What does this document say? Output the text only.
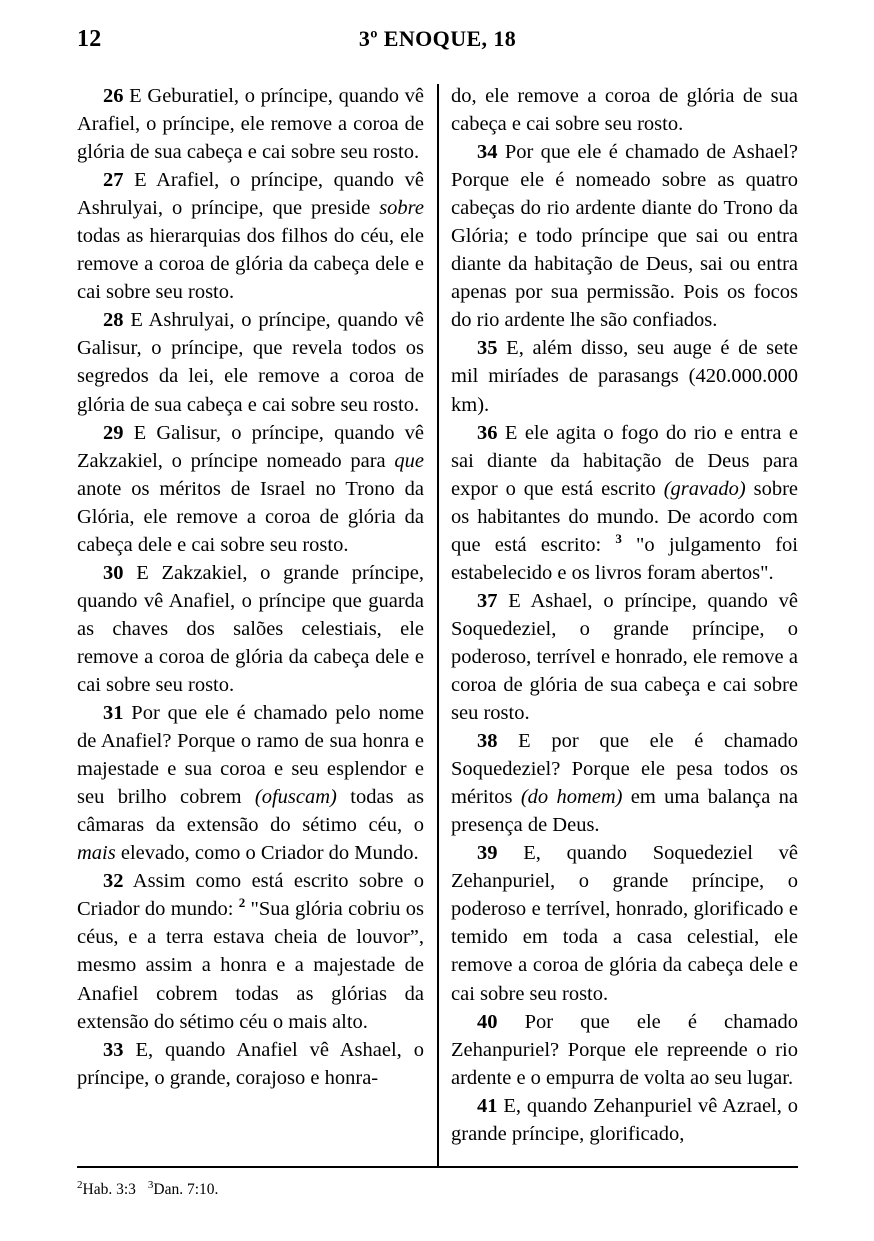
12	3º ENOQUE, 18

26 E Geburatiel, o príncipe, quando vê Arafiel, o príncipe, ele remove a coroa de glória de sua cabeça e cai sobre seu rosto.

27 E Arafiel, o príncipe, quando vê Ashrulyai, o príncipe, que preside sobre todas as hierarquias dos filhos do céu, ele remove a coroa de glória da cabeça dele e cai sobre seu rosto.

28 E Ashrulyai, o príncipe, quando vê Galisur, o príncipe, que revela todos os segredos da lei, ele remove a coroa de glória de sua cabeça e cai sobre seu rosto.

29 E Galisur, o príncipe, quando vê Zakzakiel, o príncipe nomeado para que anote os méritos de Israel no Trono da Glória, ele remove a coroa de glória da cabeça dele e cai sobre seu rosto.

30 E Zakzakiel, o grande príncipe, quando vê Anafiel, o príncipe que guarda as chaves dos salões celestiais, ele remove a coroa de glória da cabeça dele e cai sobre seu rosto.

31 Por que ele é chamado pelo nome de Anafiel? Porque o ramo de sua honra e majestade e sua coroa e seu esplendor e seu brilho cobrem (ofuscam) todas as câmaras da extensão do sétimo céu, o mais elevado, como o Criador do Mundo.

32 Assim como está escrito sobre o Criador do mundo: $^2$ "Sua glória cobriu os céus, e a terra estava cheia de louvor”, mesmo assim a honra e a majestade de Anafiel cobrem todas as glórias da extensão do sétimo céu o mais alto.

33 E, quando Anafiel vê Ashael, o príncipe, o grande, corajoso e honra-

do, ele remove a coroa de glória de sua cabeça e cai sobre seu rosto.

34 Por que ele é chamado de Ashael? Porque ele é nomeado sobre as quatro cabeças do rio ardente diante do Trono da Glória; e todo príncipe que sai ou entra diante da habitação de Deus, sai ou entra apenas por sua permissão. Pois os focos do rio ardente lhe são confiados.

35 E, além disso, seu auge é de sete mil miríades de parasangs (420.000.000 km).

36 E ele agita o fogo do rio e entra e sai diante da habitação de Deus para expor o que está escrito (gravado) sobre os habitantes do mundo. De acordo com que está escrito: $^3$ "o julgamento foi estabelecido e os livros foram abertos".

37 E Ashael, o príncipe, quando vê Soquedeziel, o grande príncipe, o poderoso, terrível e honrado, ele remove a coroa de glória de sua cabeça e cai sobre seu rosto.

38 E por que ele é chamado Soquedeziel? Porque ele pesa todos os méritos (do homem) em uma balança na presença de Deus.

39 E, quando Soquedeziel vê Zehanpuriel, o grande príncipe, o poderoso e terrível, honrado, glorificado e temido em toda a casa celestial, ele remove a coroa de glória da cabeça dele e cai sobre seu rosto.

40 Por que ele é chamado Zehanpuriel? Porque ele repreende o rio ardente e o empurra de volta ao seu lugar.

41 E, quando Zehanpuriel vê Azrael, o grande príncipe, glorificado,

$^2$Hab. 3:3 $^3$Dan. 7:10.
